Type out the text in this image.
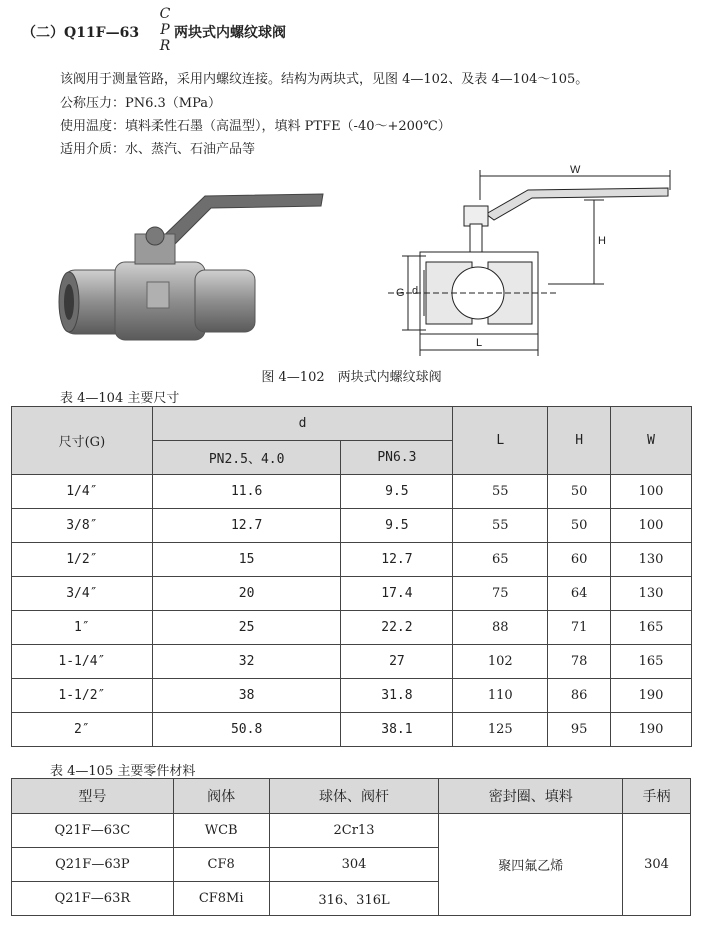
（二）Q11F—63
C
P
R
两块式内螺纹球阀
该阀用于测量管路，采用内螺纹连接。结构为两块式，见图 4—102、及表 4—104～105。
公称压力：PN6.3（MPa）
使用温度：填料柔性石墨（高温型），填料 PTFE（-40～+200℃）
适用介质：水、蒸汽、石油产品等
W
H
G d
L
图 4—102　两块式内螺纹球阀
表 4—104 主要尺寸
尺寸(G)	d		L	H	W
	PN2.5、4.0	PN6.3			
1/4″	11.6	9.5	55	50	100
3/8″	12.7	9.5	55	50	100
1/2″	15	12.7	65	60	130
3/4″	20	17.4	75	64	130
1″	25	22.2	88	71	165
1-1/4″	32	27	102	78	165
1-1/2″	38	31.8	110	86	190
2″	50.8	38.1	125	95	190
表 4—105 主要零件材料
型号	阀体	球体、阀杆	密封圈、填料	手柄
Q21F—63C	WCB	2Cr13	聚四氟乙烯	304
Q21F—63P	CF8	304		
Q21F—63R	CF8Mi	316、316L		
